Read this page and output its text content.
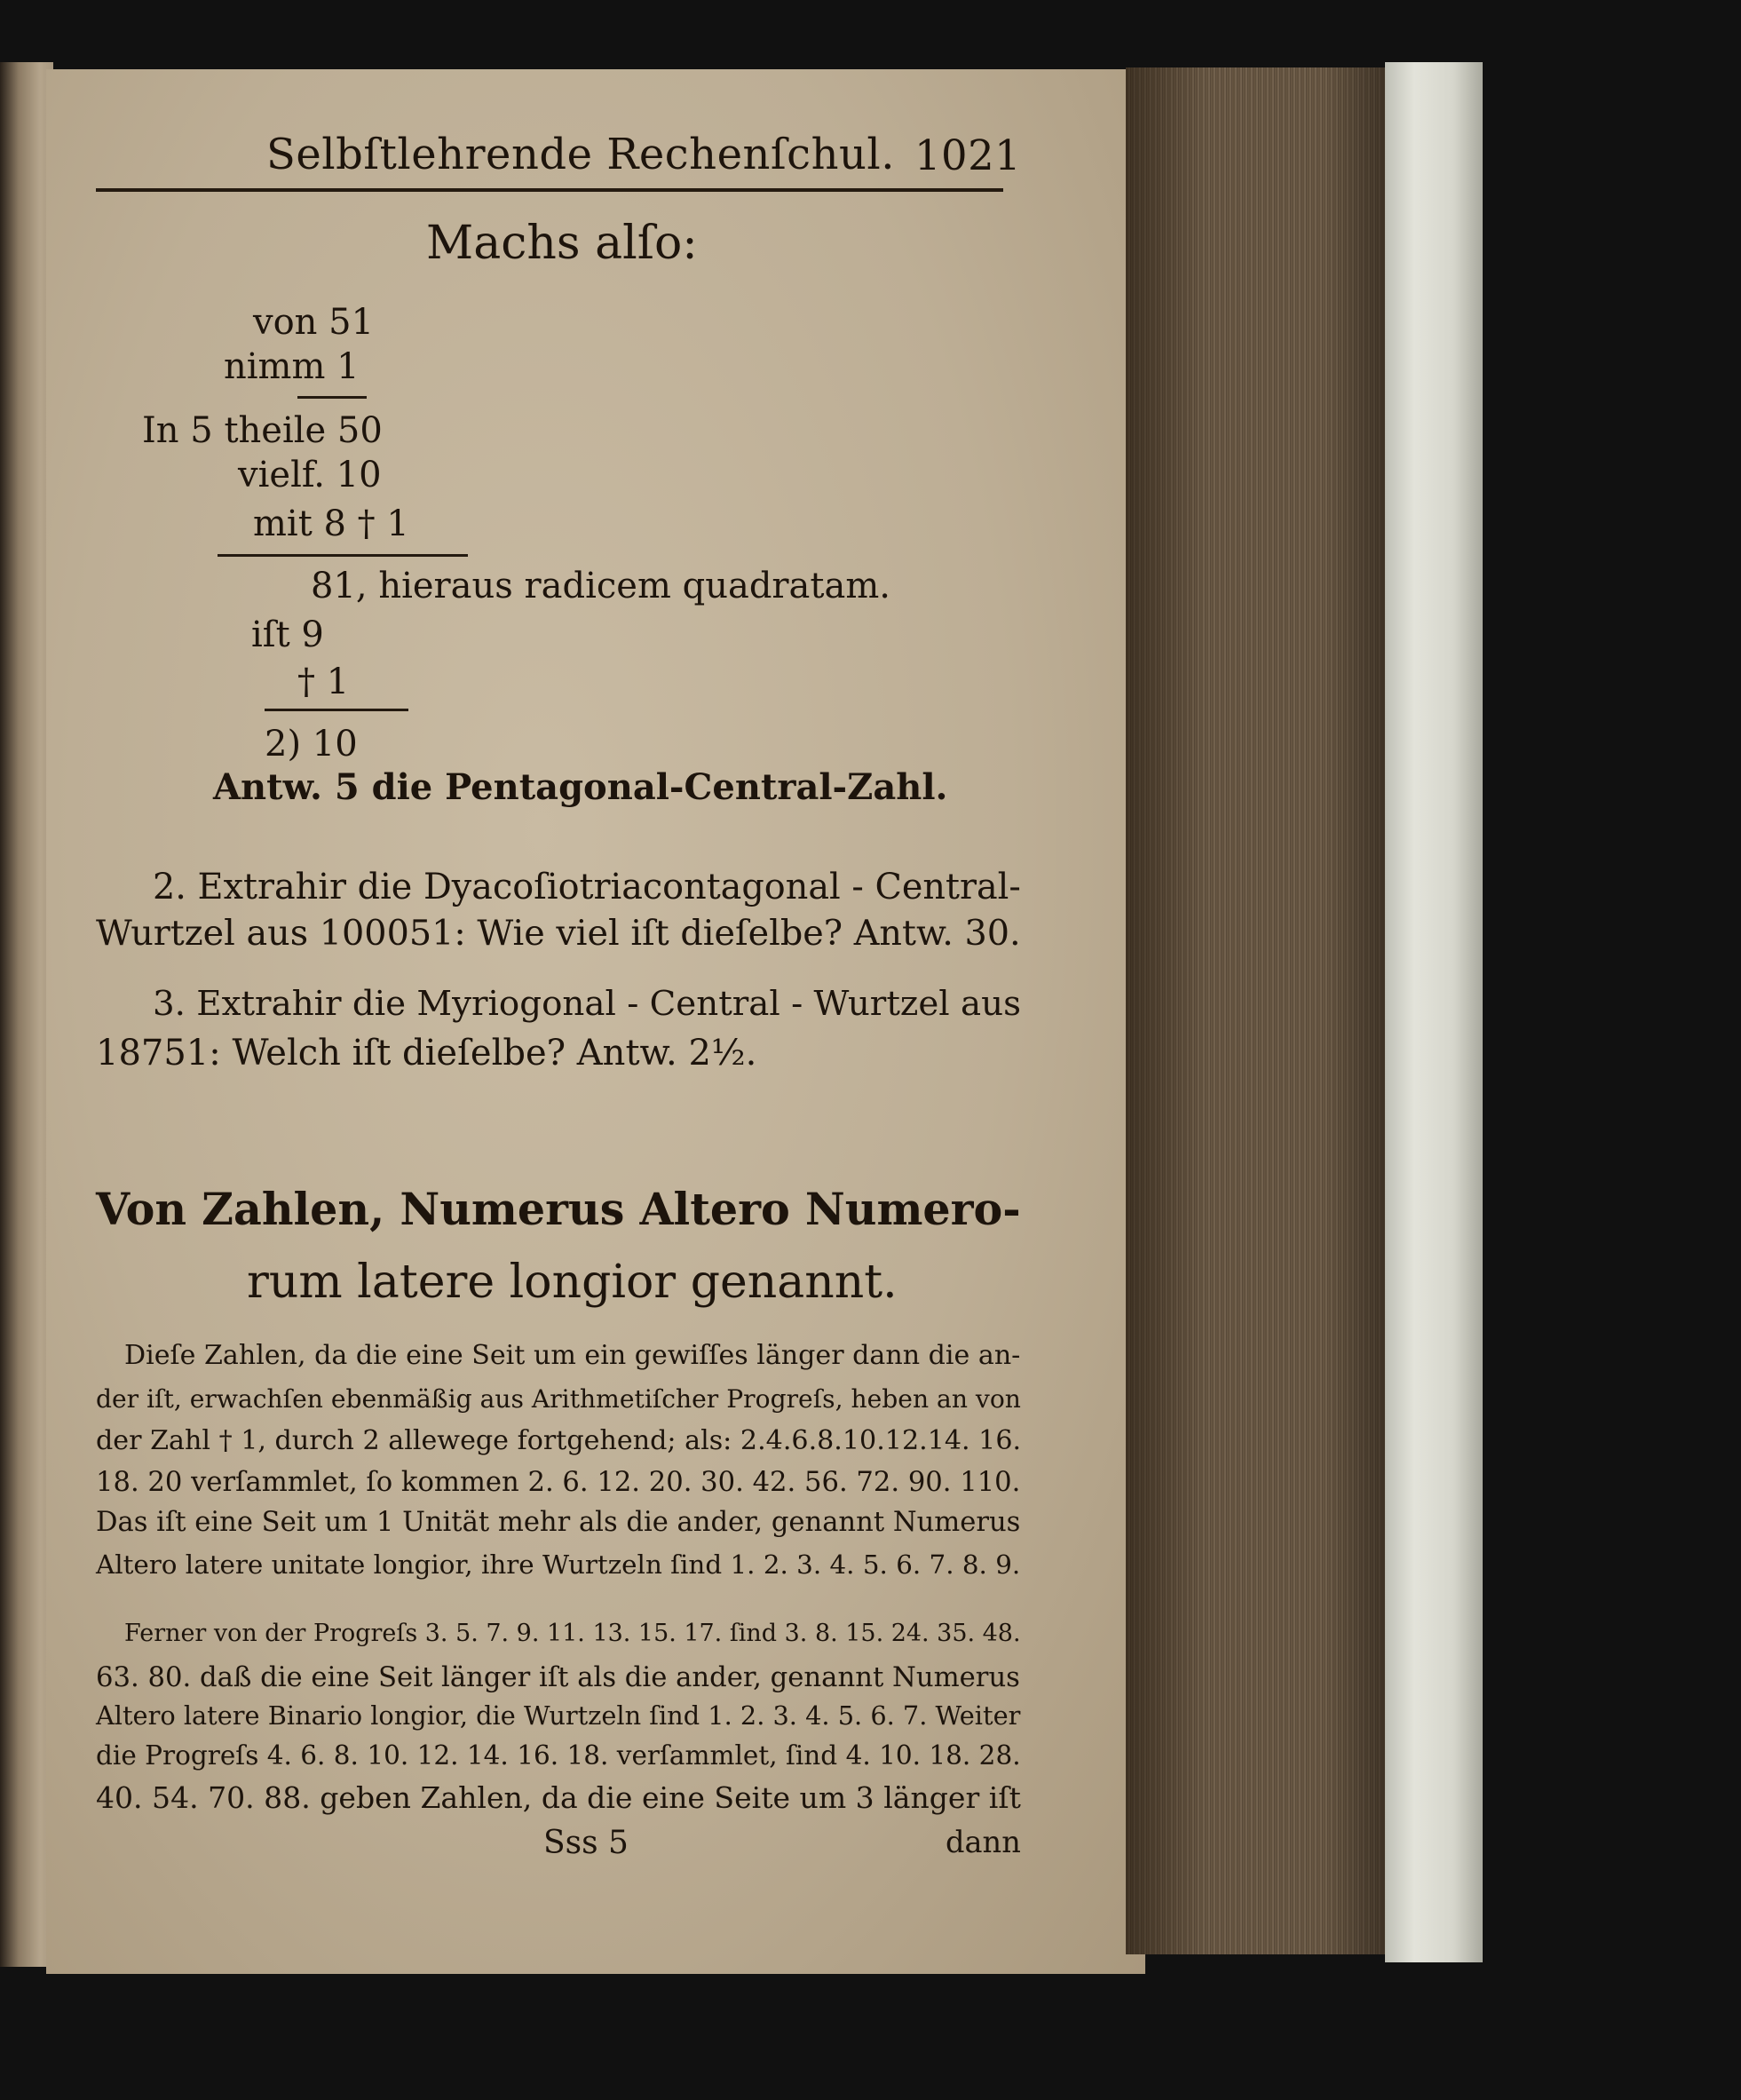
Selbſtlehrende Rechenſchul. 1021
Machs alſo:
von 51
nimm 1
In 5 theile 50
vielf. 10
mit 8 † 1
81, hieraus radicem quadratam.
iſt 9
† 1
2) 10
Antw. 5 die Pentagonal-Central-Zahl.
2. Extrahir die Dyacoſiotriacontagonal - Central-
Wurtzel aus 100051: Wie viel iſt dieſelbe? Antw. 30.
3. Extrahir die Myriogonal - Central - Wurtzel aus
18751: Welch iſt dieſelbe? Antw. 2½.
Von Zahlen, Numerus Altero Numero-
rum latere longior genannt.
Dieſe Zahlen, da die eine Seit um ein gewiſſes länger dann die an-
der iſt, erwachſen ebenmäßig aus Arithmetiſcher Progreſs, heben an von
der Zahl † 1, durch 2 allewege fortgehend; als: 2.4.6.8.10.12.14. 16.
18. 20 verſammlet, ſo kommen 2. 6. 12. 20. 30. 42. 56. 72. 90. 110.
Das iſt eine Seit um 1 Unität mehr als die ander, genannt Numerus
Altero latere unitate longior, ihre Wurtzeln ſind 1. 2. 3. 4. 5. 6. 7. 8. 9.
Ferner von der Progreſs 3. 5. 7. 9. 11. 13. 15. 17. ſind 3. 8. 15. 24. 35. 48.
63. 80. daß die eine Seit länger iſt als die ander, genannt Numerus
Altero latere Binario longior, die Wurtzeln ſind 1. 2. 3. 4. 5. 6. 7. Weiter
die Progreſs 4. 6. 8. 10. 12. 14. 16. 18. verſammlet, ſind 4. 10. 18. 28.
40. 54. 70. 88. geben Zahlen, da die eine Seite um 3 länger iſt
Sss 5	dann
